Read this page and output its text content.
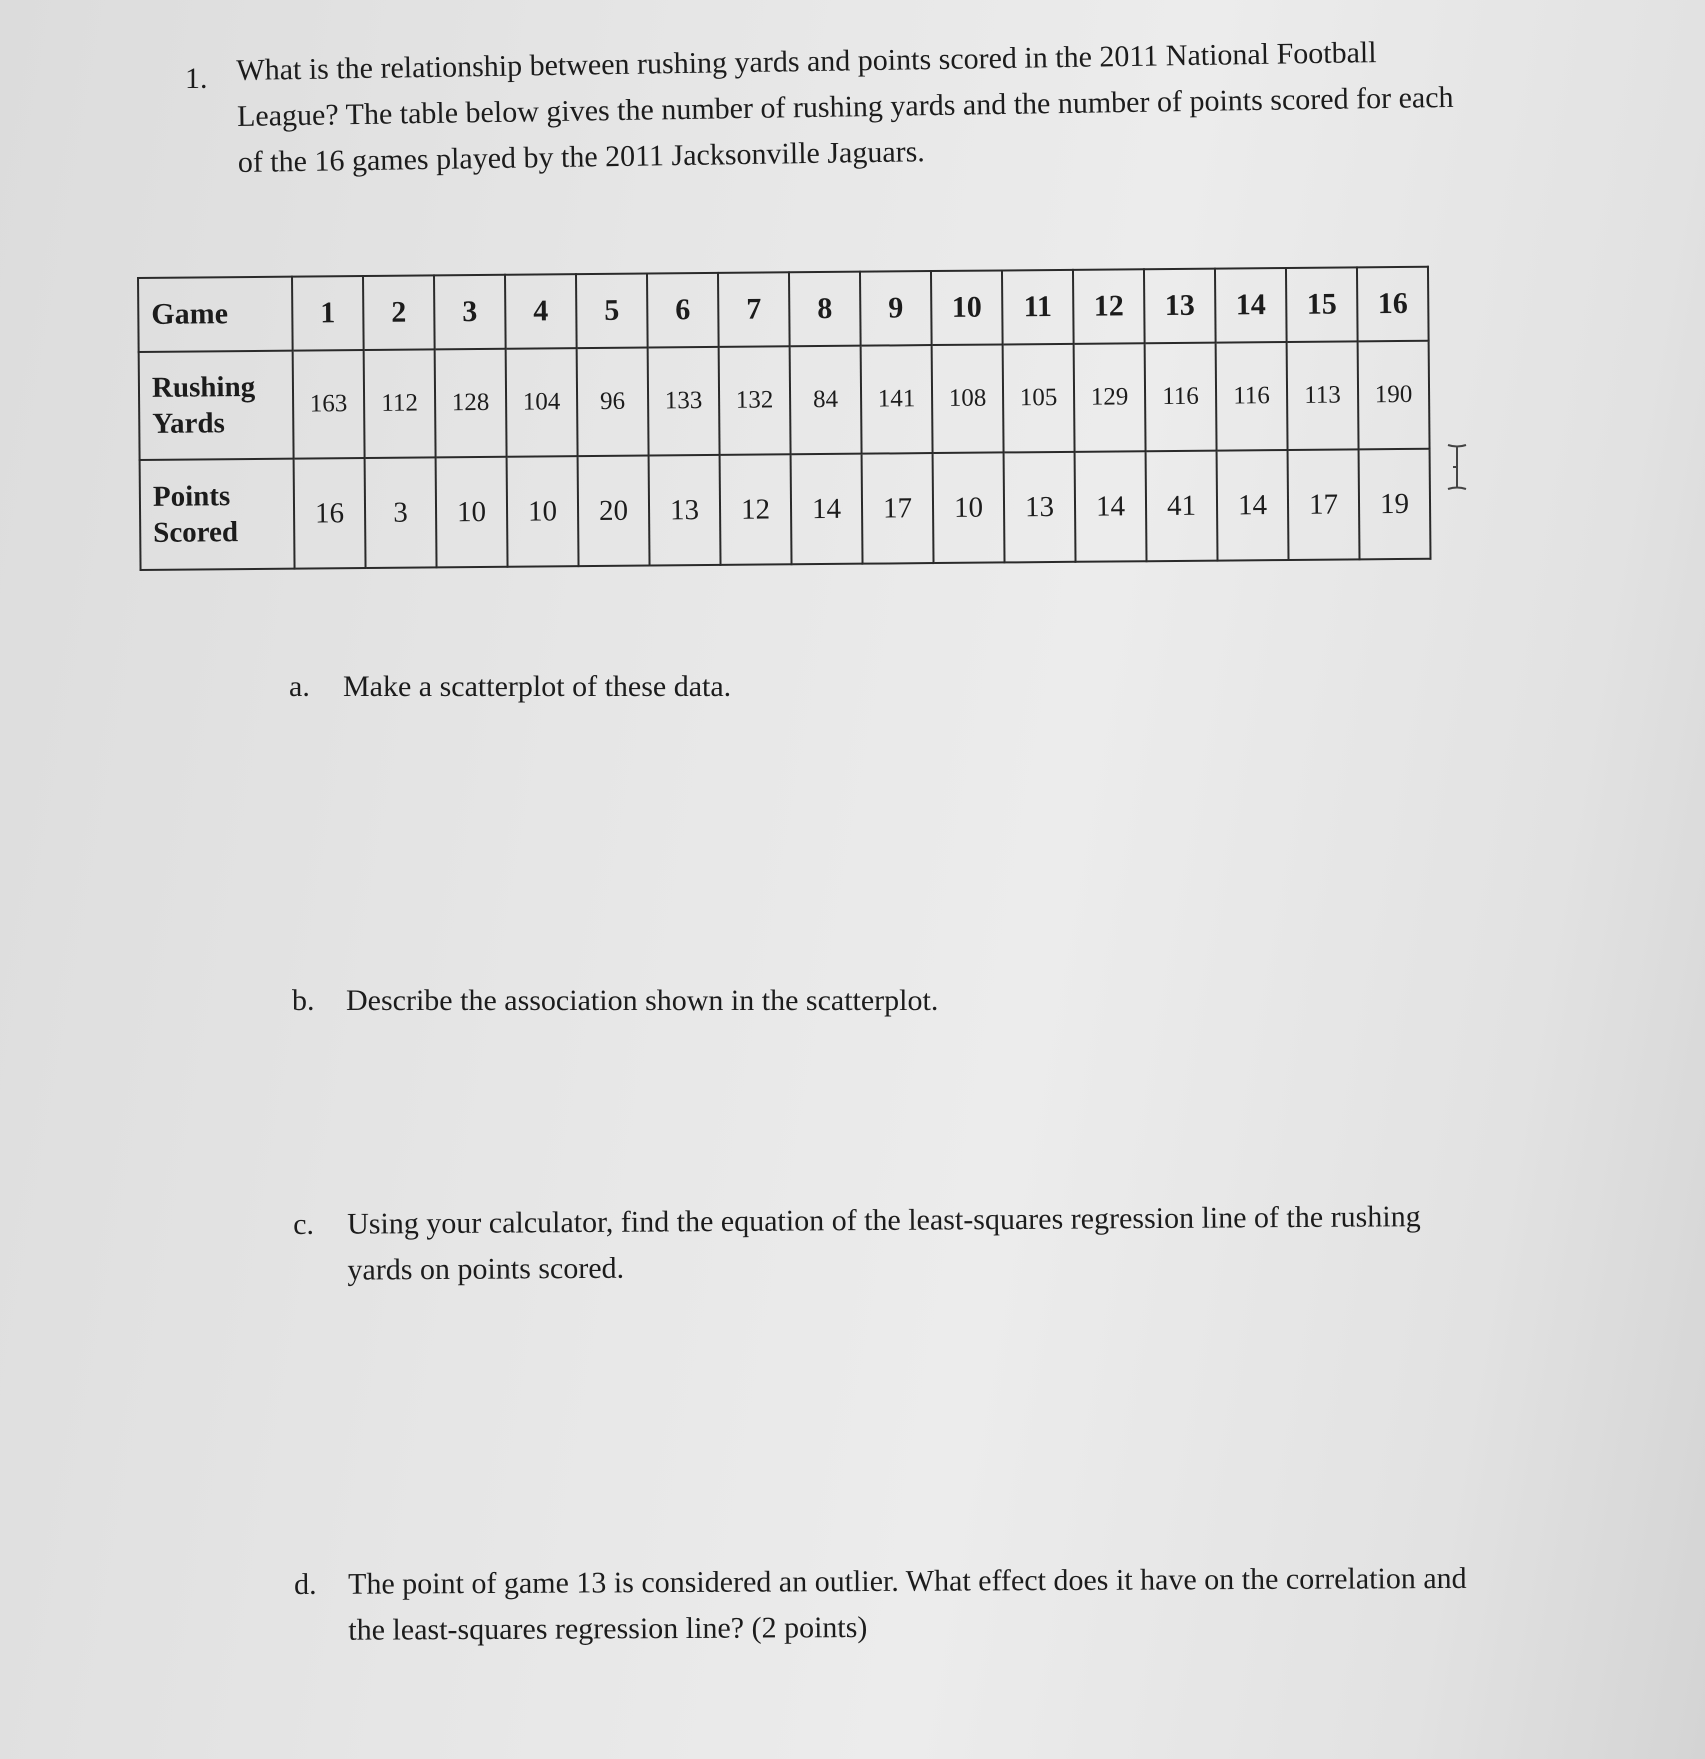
1. What is the relationship between rushing yards and points scored in the 2011 National Football League? The table below gives the number of rushing yards and the number of points scored for each of the 16 games played by the 2011 Jacksonville Jaguars.
Game	1	2	3	4	5	6	7	8	9	10	11	12	13	14	15	16
Rushing
Yards	163	112	128	104	96	133	132	84	141	108	105	129	116	116	113	190
Points
Scored	16	3	10	10	20	13	12	14	17	10	13	14	41	14	17	19
a. Make a scatterplot of these data.
b. Describe the association shown in the scatterplot.
c. Using your calculator, find the equation of the least-squares regression line of the rushing yards on points scored.
d. The point of game 13 is considered an outlier. What effect does it have on the correlation and the least-squares regression line? (2 points)
